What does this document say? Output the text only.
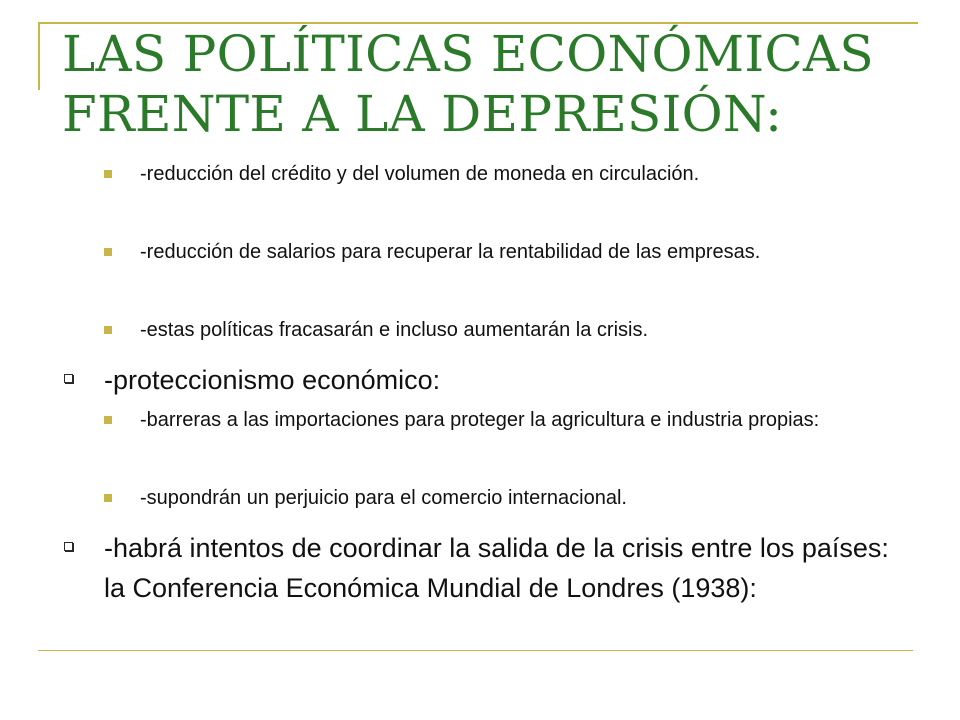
LAS POLÍTICAS ECONÓMICAS FRENTE A LA DEPRESIÓN:
-reducción del crédito y del volumen de moneda en circulación.
-reducción de salarios para recuperar la rentabilidad de las empresas.
-estas políticas fracasarán e incluso aumentarán la crisis.
-proteccionismo económico:
-barreras a las importaciones para proteger la agricultura e industria propias:
-supondrán un perjuicio para el comercio internacional.
-habrá intentos de coordinar la salida de la crisis entre los países: la Conferencia Económica Mundial de Londres (1938):
